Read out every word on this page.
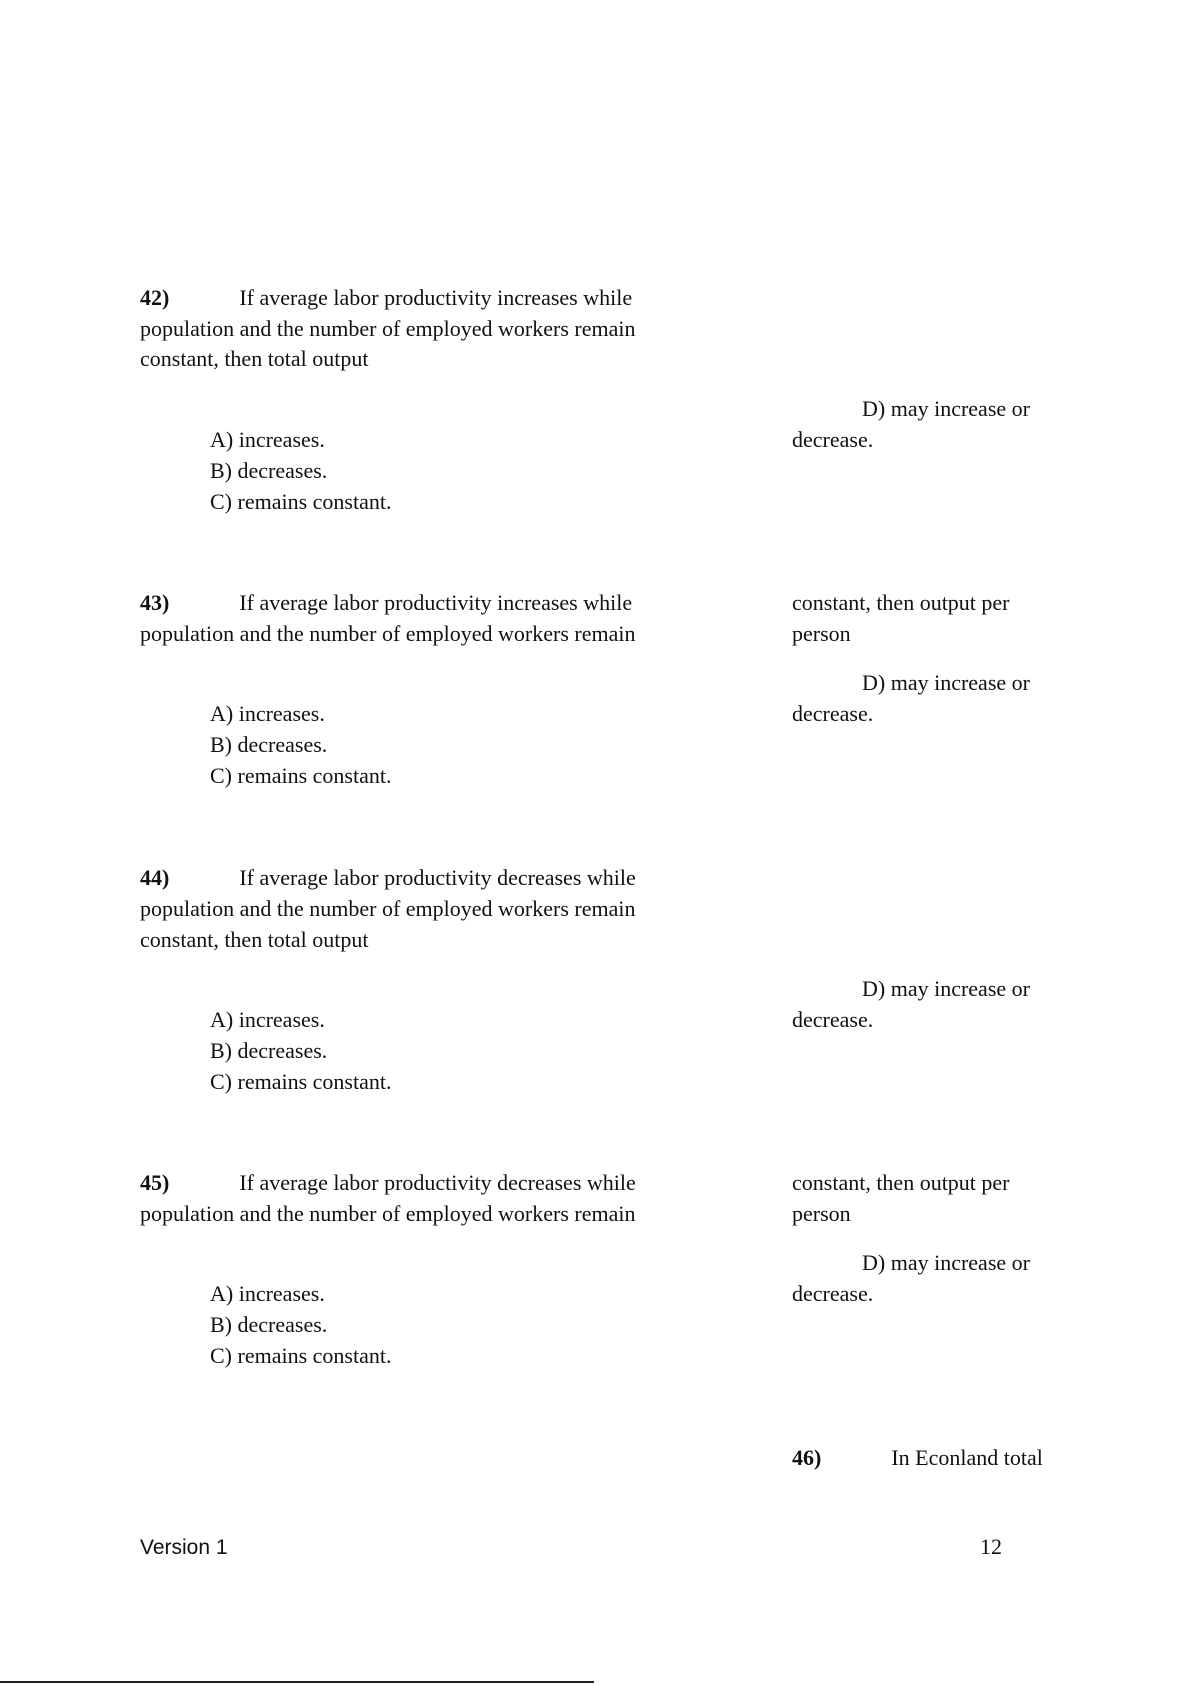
42)	If average labor productivity increases while
population and the number of employed workers remain
constant, then total output
D) may increase or
decrease.
A) increases.
B) decreases.
C) remains constant.
43)	If average labor productivity increases while
population and the number of employed workers remain
constant, then output per
person
D) may increase or
decrease.
A) increases.
B) decreases.
C) remains constant.
44)	If average labor productivity decreases while
population and the number of employed workers remain
constant, then total output
D) may increase or
decrease.
A) increases.
B) decreases.
C) remains constant.
45)	If average labor productivity decreases while
population and the number of employed workers remain
constant, then output per
person
D) may increase or
decrease.
A) increases.
B) decreases.
C) remains constant.
46)	In Econland total
Version 1	12
